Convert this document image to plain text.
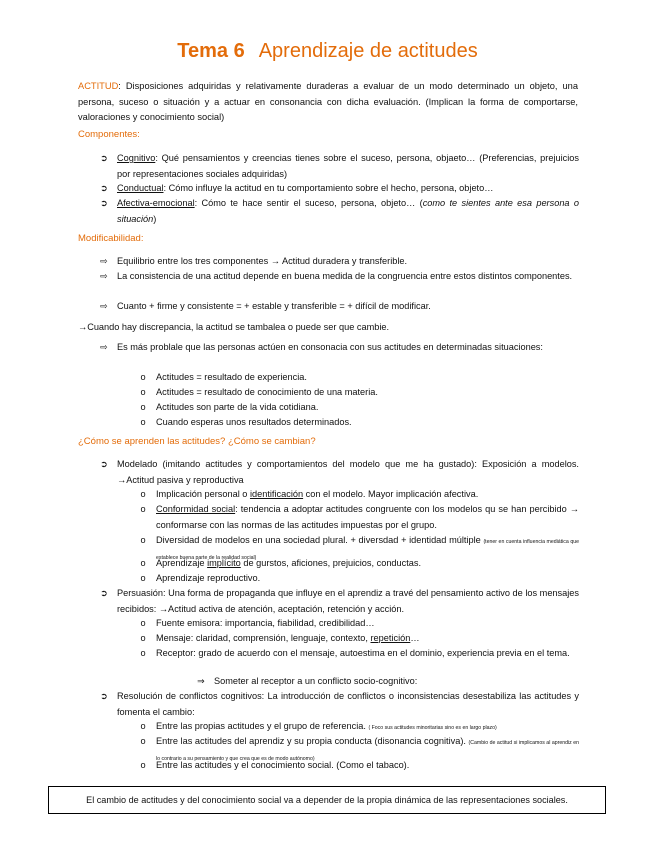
Tema 6 Aprendizaje de actitudes
ACTITUD: Disposiciones adquiridas y relativamente duraderas a evaluar de un modo determinado un objeto, una persona, suceso o situación y a actuar en consonancia con dicha evaluación. (Implican la forma de comportarse, valoraciones y conocimiento social)
Componentes:
➲ Cognitivo: Qué pensamientos y creencias tienes sobre el suceso, persona, objaeto… (Preferencias, prejuicios por representaciones sociales adquiridas)
➲ Conductual: Cómo influye la actitud en tu comportamiento sobre el hecho, persona, objeto…
➲ Afectiva-emocional: Cómo te hace sentir el suceso, persona, objeto… (como te sientes ante esa persona o situación)
Modificabilidad:
⇨ Equilibrio entre los tres componentes → Actitud duradera y transferible.
⇨ La consistencia de una actitud depende en buena medida de la congruencia entre estos distintos componentes.
⇨ Cuanto + firme y consistente = + estable y transferible = + difícil de modificar.
→Cuando hay discrepancia, la actitud se tambalea o puede ser que cambie.
⇨ Es más problale que las personas actúen en consonacia con sus actitudes en determinadas situaciones:
o	Actitudes = resultado de experiencia.
o	Actitudes = resultado de conocimiento de una materia.
o	Actitudes son parte de la vida cotidiana.
o	Cuando esperas unos resultados determinados.
¿Cómo se aprenden las actitudes? ¿Cómo se cambian?
➲ Modelado (imitando actitudes y comportamientos del modelo que me ha gustado): Exposición a modelos. →Actitud pasiva y reproductiva
o	Implicación personal o identificación con el modelo. Mayor implicación afectiva.
o	Conformidad social: tendencia a adoptar actitudes congruente con los modelos qu se han percibido → conformarse con las normas de las actitudes impuestas por el grupo.
o	Diversidad de modelos en una sociedad plural. + diversdad + identidad múltiple (tener en cuenta influencia mediática que establece buena parte de la realidad social)
o	Aprendizaje implícito de gurstos, aficiones, prejuicios, conductas.
o	Aprendizaje reproductivo.
➲ Persuasión: Una forma de propaganda que influye en el aprendiz a travé del pensamiento activo de los mensajes recibidos: →Actitud activa de atención, aceptación, retención y acción.
o	Fuente emisora: importancia, fiabilidad, credibilidad…
o	Mensaje: claridad, comprensión, lenguaje, contexto, repetición…
o	Receptor: grado de acuerdo con el mensaje, autoestima en el dominio, experiencia previa en el tema.
⇒ Someter al receptor a un conflicto socio-cognitivo:
➲ Resolución de conflictos cognitivos: La introducción de conflictos o inconsistencias desestabiliza las actitudes y fomenta el cambio:
o	Entre las propias actitudes y el grupo de referencia. ( Foco sus actitudes minoritarias sino es en largo plazo)
o	Entre las actitudes del aprendiz y su propia conducta (disonancia cognitiva). (Cambio de actitud si implicamos al aprendiz en lo contrario a su pensamiento y que crea que es de modo autónomo)
o	Entre las actitudes y el conocimiento social. (Como el tabaco).
El cambio de actitudes y del conocimiento social va a depender de la propia dinámica de las representaciones sociales.
